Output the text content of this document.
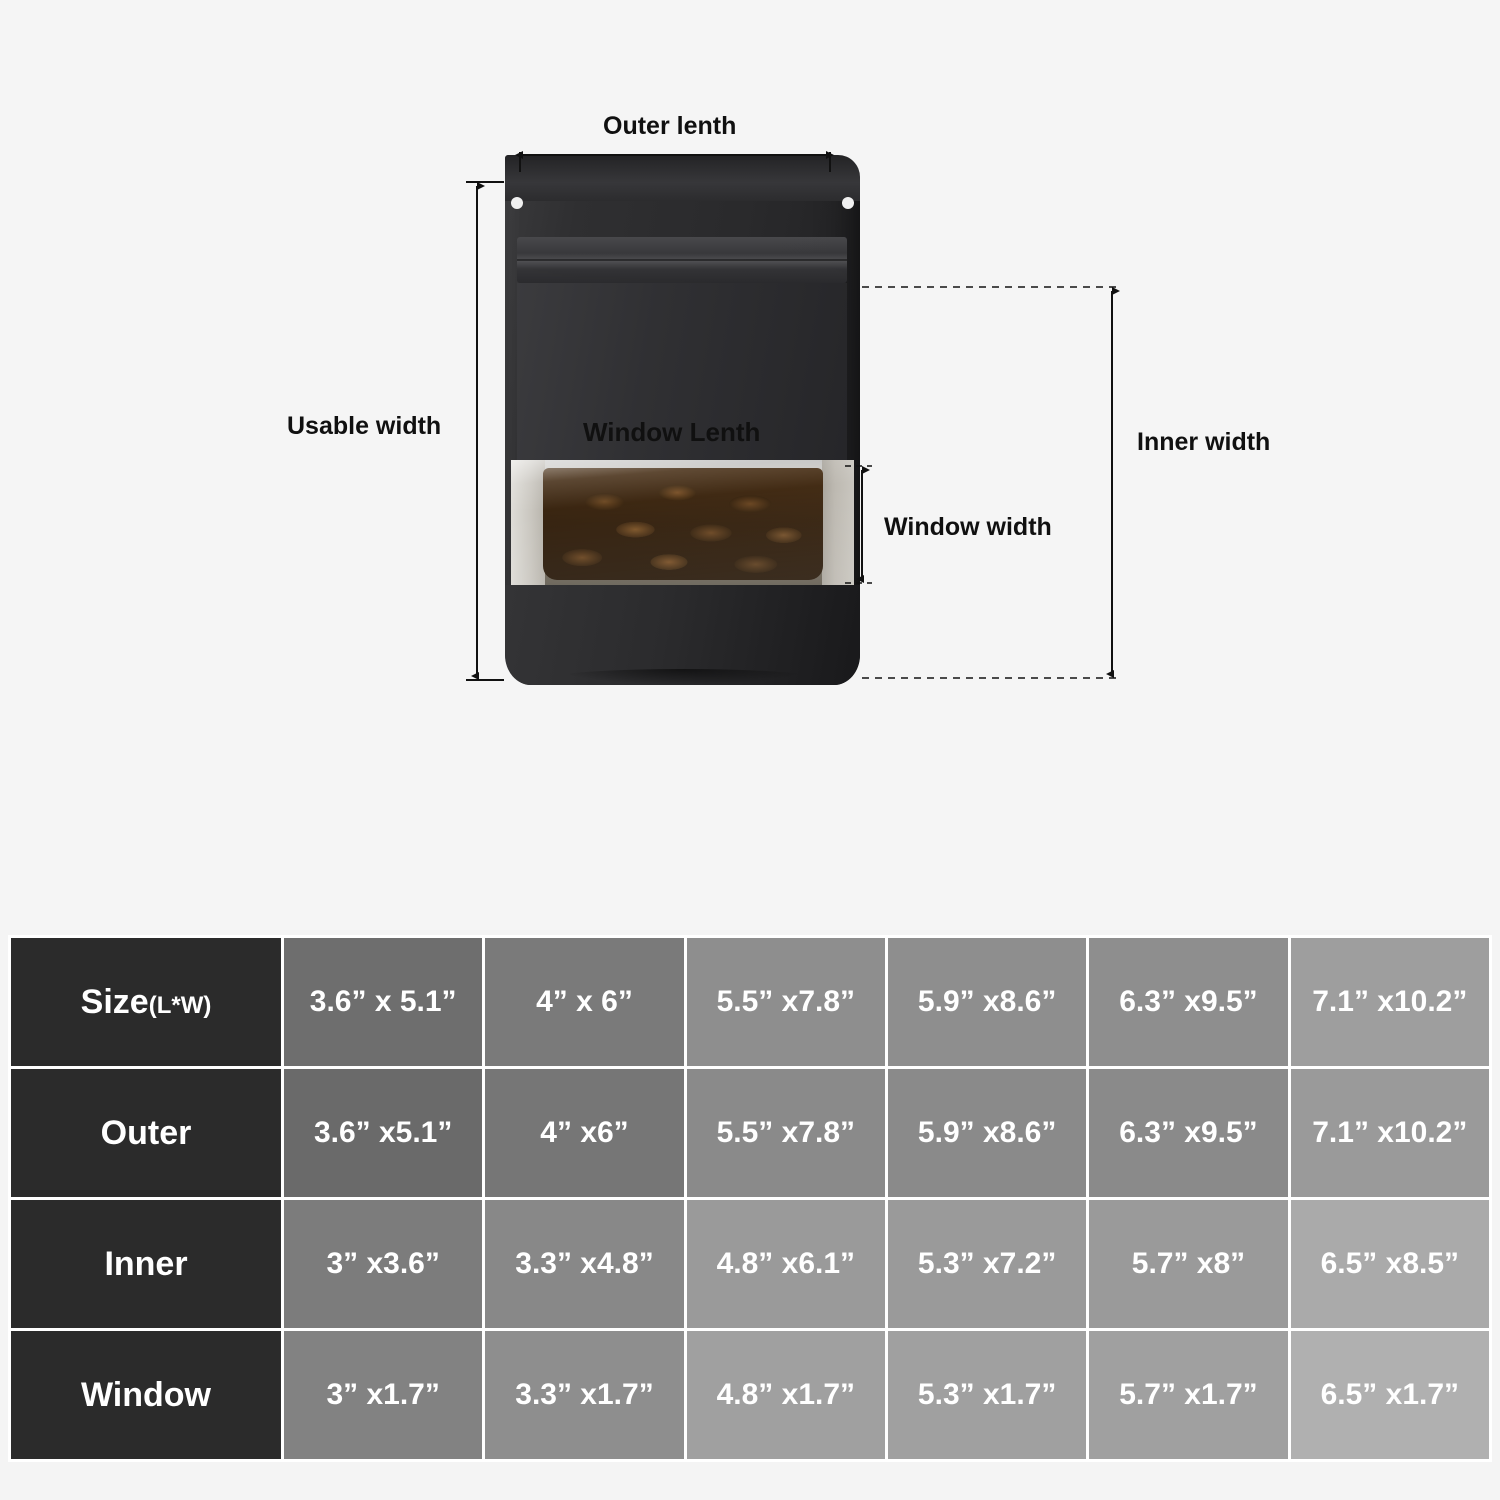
Outer lenth
Usable width	Window Lenth
Window width
Inner width
Size(L*W)	3.6” x 5.1”	4” x 6”	5.5” x7.8”	5.9” x8.6”	6.3” x9.5”	7.1” x10.2”
Outer	3.6” x5.1”	4” x6”	5.5” x7.8”	5.9” x8.6”	6.3” x9.5”	7.1” x10.2”
Inner	3” x3.6”	3.3” x4.8”	4.8” x6.1”	5.3” x7.2”	5.7” x8”	6.5” x8.5”
Window	3” x1.7”	3.3” x1.7”	4.8” x1.7”	5.3” x1.7”	5.7” x1.7”	6.5” x1.7”
